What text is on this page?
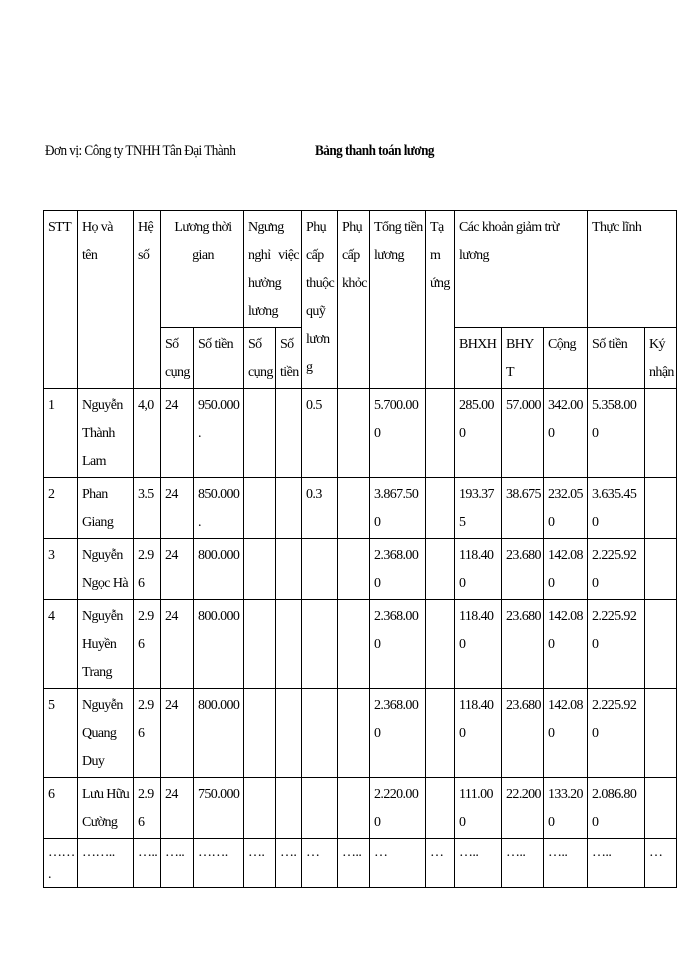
Đơn vị: Công ty TNHH Tân Đại Thành	Bảng thanh toán lương
STT	Họ và tên	Hệ số	Lương thời gian		Ngưng nghỉ việc hưởng lương		Phụ cấp thuộc quỹ lương	Phụ cấp khỏc	Tổng tiền lương	Tạm ứng	Các khoản giảm trừ lương			Thực lĩnh	
			Số cụng	Số tiền	Số cụng	Số tiền					BHXH	BHYT	Cộng	Số tiền	Ký nhận
1	Nguyễn Thành Lam	4,0	24	950.000.			0.5		5.700.000		285.000	57.000	342.000	5.358.000	
2	Phan Giang	3.5	24	850.000.			0.3		3.867.500		193.375	38.675	232.050	3.635.450	
3	Nguyễn Ngọc Hà	2.96	24	800.000					2.368.000		118.400	23.680	142.080	2.225.920	
4	Nguyễn Huyền Trang	2.96	24	800.000					2.368.000		118.400	23.680	142.080	2.225.920	
5	Nguyễn Quang Duy	2.96	24	800.000					2.368.000		118.400	23.680	142.080	2.225.920	
6	Lưu Hữu Cường	2.96	24	750.000					2.220.000		111.000	22.200	133.200	2.086.800	
…….	……..	…..	…..	…….	….	….	…	…..	…	…	…..	…..	…..	…..	…
